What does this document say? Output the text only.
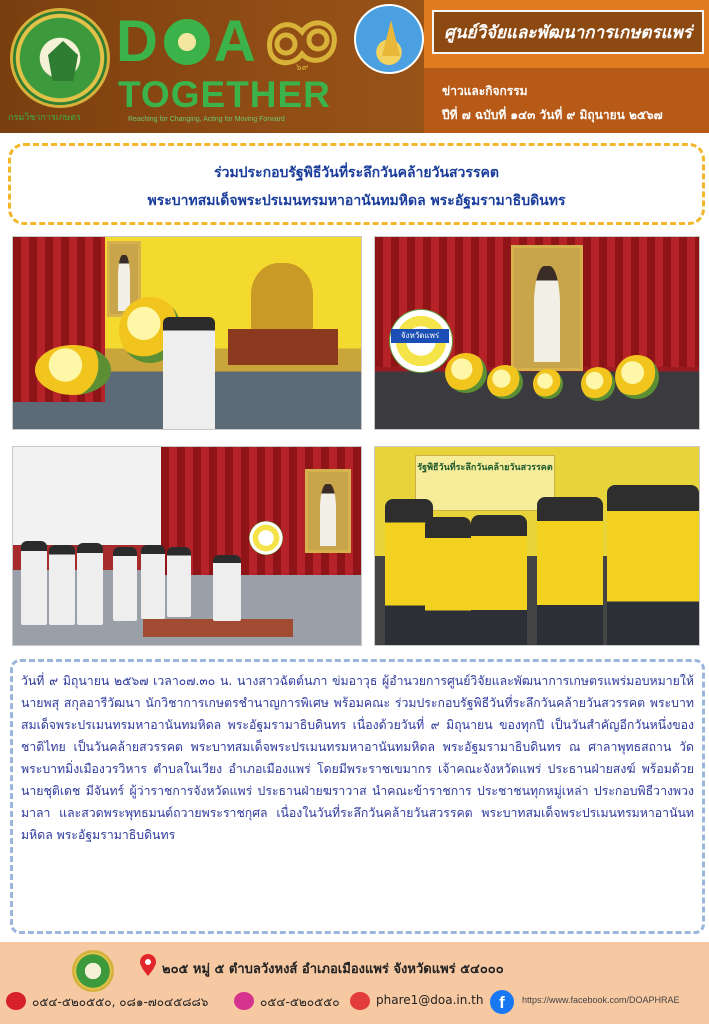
กรมวิชาการเกษตร
D A
TOGETHER
Reaching for Changing, Acting for Moving Forward
๖๙
ศูนย์วิจัยและพัฒนาการเกษตรแพร่
ข่าวและกิจกรรม
ปีที่ ๗ ฉบับที่ ๑๔๓ วันที่ ๙ มิถุนายน ๒๕๖๗
ร่วมประกอบรัฐพิธีวันที่ระลึกวันคล้ายวันสวรรคต
พระบาทสมเด็จพระปรเมนทรมหาอานันทมหิดล พระอัฐมรามาธิบดินทร
จังหวัดแพร่
รัฐพิธีวันที่ระลึกวันคล้ายวันสวรรคต

วันที่ ๙ มิถุนายน ๒๕๖๗ เวลา๐๗.๓๐ น. นางสาวฉัตต์นภา ข่มอาวุธ ผู้อำนวยการศูนย์วิจัยและพัฒนาการเกษตรแพร่มอบหมายให้ นายพสุ สกุลอารีวัฒนา นักวิชาการเกษตรชำนาญการพิเศษ พร้อมคณะ ร่วมประกอบรัฐพิธีวันที่ระลึกวันคล้ายวันสวรรคต พระบาทสมเด็จพระปรเมนทรมหาอานันทมหิดล พระอัฐมรามาธิบดินทร เนื่องด้วยวันที่ ๙ มิถุนายน ของทุกปี เป็นวันสำคัญอีกวันหนึ่งของชาติไทย เป็นวันคล้ายสวรรคต พระบาทสมเด็จพระปรเมนทรมหาอานันทมหิดล พระอัฐมรามาธิบดินทร ณ ศาลาพุทธสถาน วัดพระบาทมิ่งเมืองวรวิหาร ตำบลในเวียง อำเภอเมืองแพร่ โดยมีพระราชเขมากร เจ้าคณะจังหวัดแพร่ ประธานฝ่ายสงฆ์ พร้อมด้วยนายชุติเดช มีจันทร์ ผู้ว่าราชการจังหวัดแพร่ ประธานฝ่ายฆราวาส นำคณะข้าราชการ ประชาชนทุกหมู่เหล่า ประกอบพิธีวางพวงมาลา และสวดพระพุทธมนต์ถวายพระราชกุศล เนื่องในวันที่ระลึกวันคล้ายวันสวรรคต พระบาทสมเด็จพระปรเมนทรมหาอานันทมหิดล พระอัฐมรามาธิบดินทร

๒๐๕ หมู่ ๕ ตำบลวังหงส์ อำเภอเมืองแพร่ จังหวัดแพร่ ๕๔๐๐๐
๐๕๔-๕๒๐๕๕๐, ๐๘๑-๗๐๔๕๘๘๖	๐๕๔-๕๒๐๕๕๐	phare1@doa.in.th f	https://www.facebook.com/DOAPHRAE
